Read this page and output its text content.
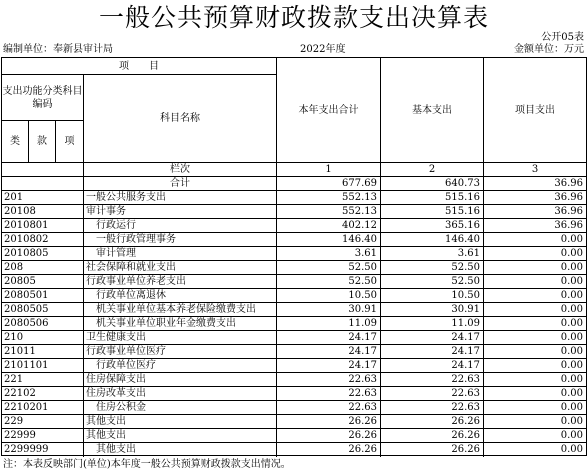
一般公共预算财政拨款支出决算表
公开05表
编制单位：奉新县审计局	2022年度	金额单位：万元
项　　目
支出功能分类科目编码
科目名称
本年支出合计	基本支出	项目支出
类	款	项
栏次	1	2	3
合计	677.69	640.73	36.96
201	一般公共服务支出	552.13	515.16	36.96
20108	审计事务	552.13	515.16	36.96
2010801	　行政运行	402.12	365.16	36.96
2010802	　一般行政管理事务	146.40	146.40	0.00
2010805	　审计管理	3.61	3.61	0.00
208	社会保障和就业支出	52.50	52.50	0.00
20805	行政事业单位养老支出	52.50	52.50	0.00
2080501	　行政单位离退休	10.50	10.50	0.00
2080505	　机关事业单位基本养老保险缴费支出	30.91	30.91	0.00
2080506	　机关事业单位职业年金缴费支出	11.09	11.09	0.00
210	卫生健康支出	24.17	24.17	0.00
21011	行政事业单位医疗	24.17	24.17	0.00
2101101	　行政单位医疗	24.17	24.17	0.00
221	住房保障支出	22.63	22.63	0.00
22102	住房改革支出	22.63	22.63	0.00
2210201	　住房公积金	22.63	22.63	0.00
229	其他支出	26.26	26.26	0.00
22999	其他支出	26.26	26.26	0.00
2299999	　其他支出	26.26	26.26	0.00
注：本表反映部门(单位)本年度一般公共预算财政拨款支出情况。
